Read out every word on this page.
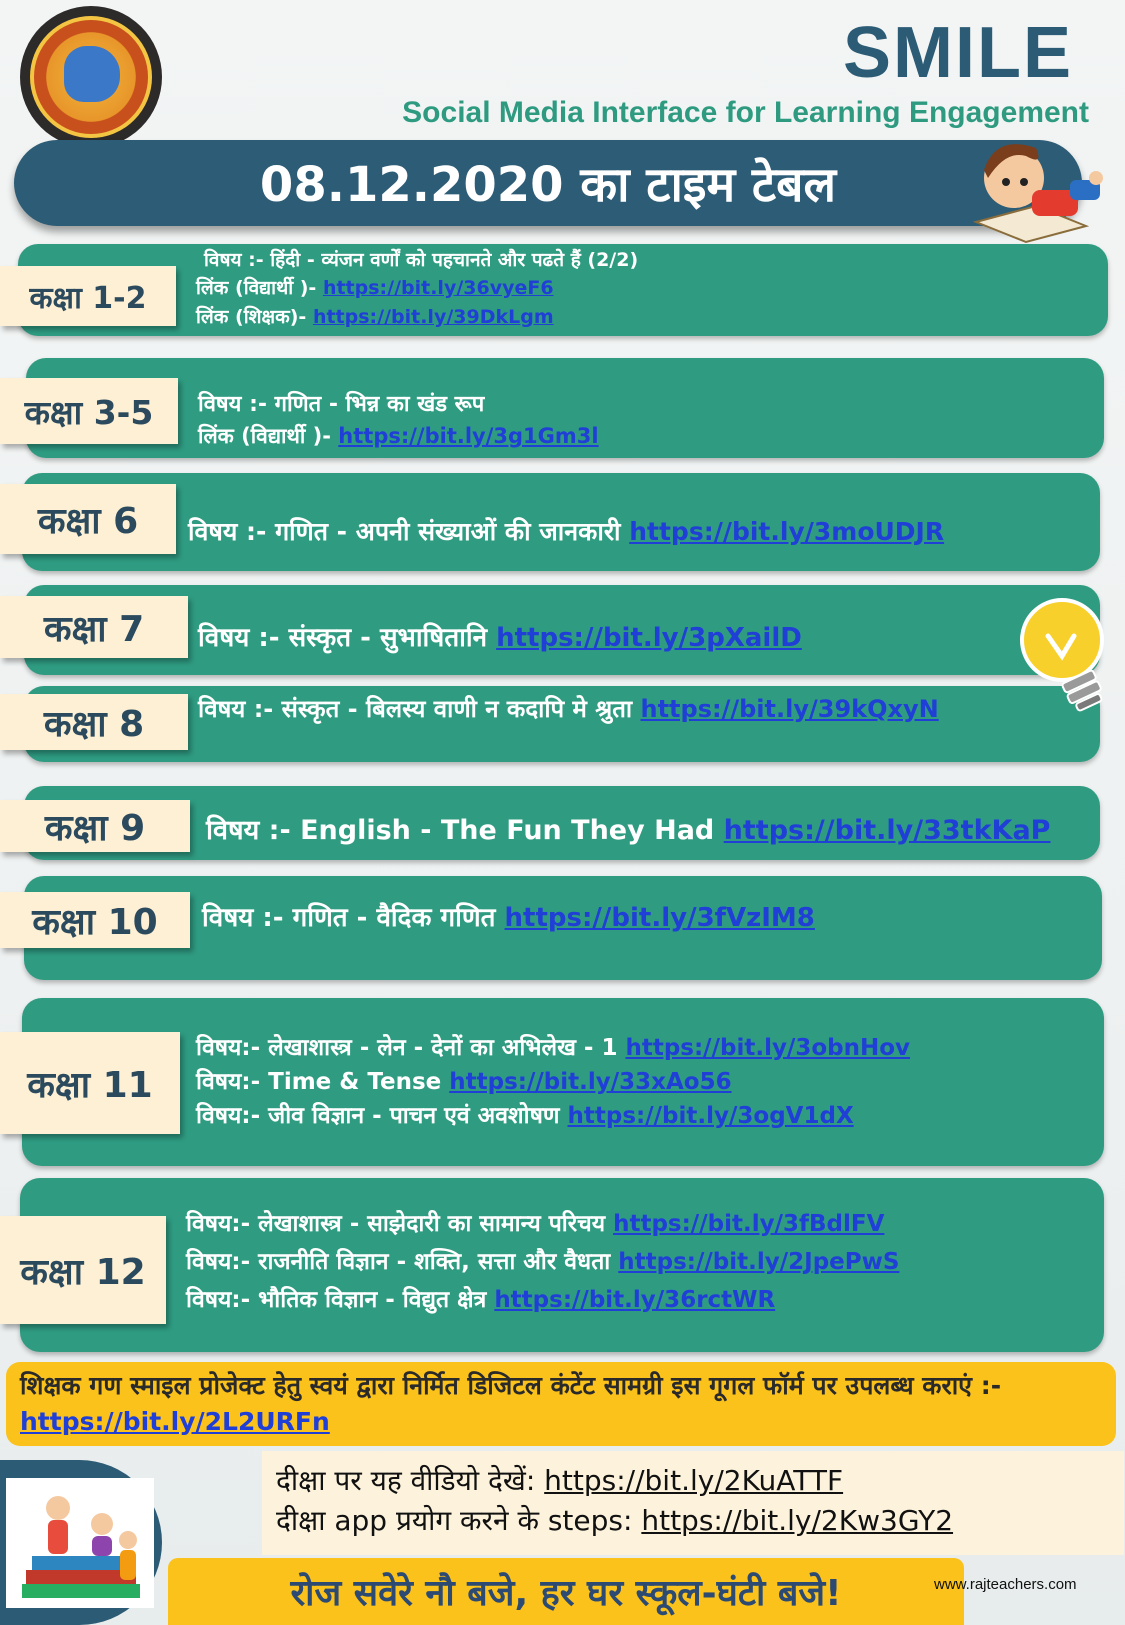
SMILE
Social Media Interface for Learning Engagement
08.12.2020 का टाइम टेबल
कक्षा 1-2
विषय :- हिंदी - व्यंजन वर्णों को पहचानते और पढते हैं (2/2)
लिंक (विद्यार्थी )- https://bit.ly/36vyeF6
लिंक (शिक्षक)- https://bit.ly/39DkLgm
कक्षा 3-5	विषय :- गणित - भिन्न का खंड रूप
लिंक (विद्यार्थी )- https://bit.ly/3g1Gm3l
कक्षा 6	विषय :- गणित - अपनी संख्याओं की जानकारी https://bit.ly/3moUDJR
कक्षा 7	विषय :- संस्कृत - सुभाषितानि https://bit.ly/3pXailD
कक्षा 8	विषय :- संस्कृत - बिलस्य वाणी न कदापि मे श्रुता https://bit.ly/39kQxyN
कक्षा 9	विषय :- English - The Fun They Had https://bit.ly/33tkKaP
कक्षा 10	विषय :- गणित - वैदिक गणित https://bit.ly/3fVzIM8
कक्षा 11
विषय:- लेखाशास्त्र - लेन - देनों का अभिलेख - 1 https://bit.ly/3obnHov
विषय:- Time & Tense https://bit.ly/33xAo56
विषय:- जीव विज्ञान - पाचन एवं अवशोषण https://bit.ly/3ogV1dX
कक्षा 12
विषय:- लेखाशास्त्र - साझेदारी का सामान्य परिचय https://bit.ly/3fBdlFV
विषय:- राजनीति विज्ञान - शक्ति, सत्ता और वैधता https://bit.ly/2JpePwS
विषय:- भौतिक विज्ञान - विद्युत क्षेत्र https://bit.ly/36rctWR
शिक्षक गण स्माइल प्रोजेक्ट हेतु स्वयं द्वारा निर्मित डिजिटल कंटेंट सामग्री इस गूगल फॉर्म पर उपलब्ध कराएं :- https://bit.ly/2L2URFn
दीक्षा पर यह वीडियो देखें: https://bit.ly/2KuATTF
दीक्षा app प्रयोग करने के steps: https://bit.ly/2Kw3GY2
रोज सवेरे नौ बजे, हर घर स्कूल-घंटी बजे!	www.rajteachers.com
